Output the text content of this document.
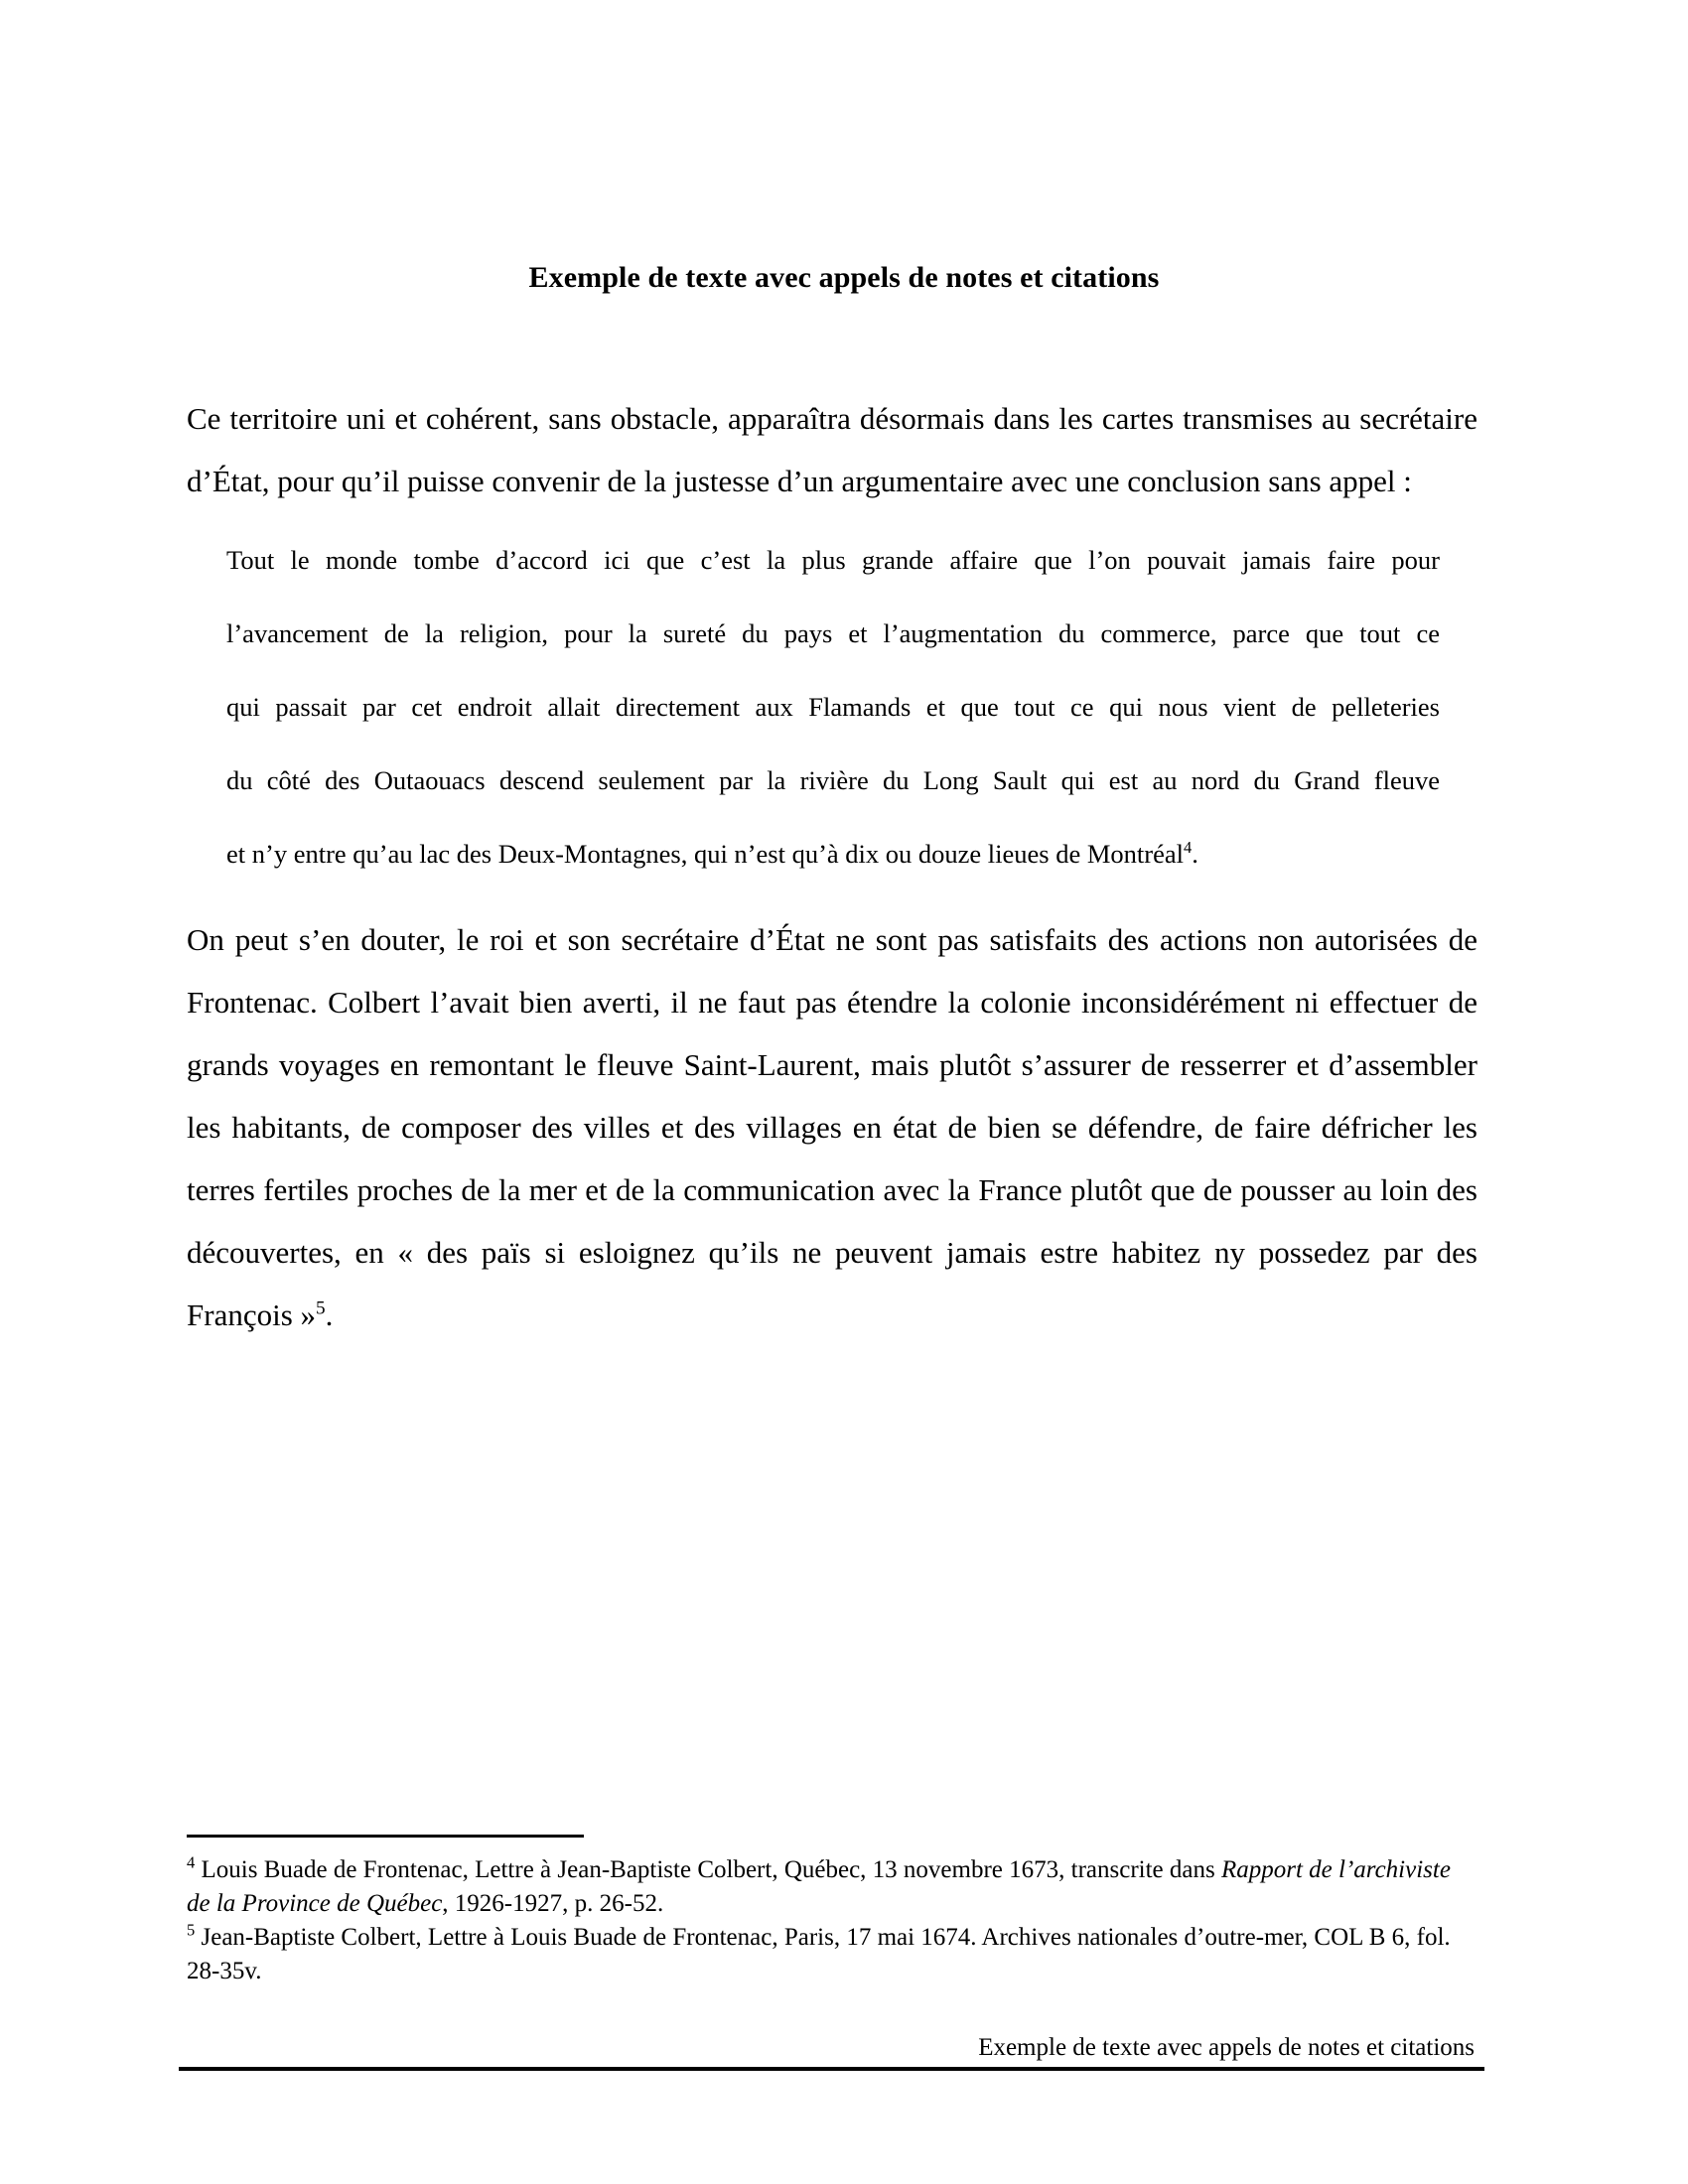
Exemple de texte avec appels de notes et citations

Ce territoire uni et cohérent, sans obstacle, apparaîtra désormais dans les cartes transmises au secrétaire d’État, pour qu’il puisse convenir de la justesse d’un argumentaire avec une conclusion sans appel :

Tout le monde tombe d’accord ici que c’est la plus grande affaire que l’on pouvait jamais faire pour
l’avancement de la religion, pour la sureté du pays et l’augmentation du commerce, parce que tout ce
qui passait par cet endroit allait directement aux Flamands et que tout ce qui nous vient de pelleteries
du côté des Outaouacs descend seulement par la rivière du Long Sault qui est au nord du Grand fleuve
et n’y entre qu’au lac des Deux-Montagnes, qui n’est qu’à dix ou douze lieues de Montréal$^4$.

On peut s’en douter, le roi et son secrétaire d’État ne sont pas satisfaits des actions non autorisées de Frontenac. Colbert l’avait bien averti, il ne faut pas étendre la colonie inconsidérément ni effectuer de grands voyages en remontant le fleuve Saint-Laurent, mais plutôt s’assurer de resserrer et d’assembler les habitants, de composer des villes et des villages en état de bien se défendre, de faire défricher les terres fertiles proches de la mer et de la communication avec la France plutôt que de pousser au loin des découvertes, en « des païs si esloignez qu’ils ne peuvent jamais estre habitez ny possedez par des François »$^5$.

$^4$ Louis Buade de Frontenac, Lettre à Jean-Baptiste Colbert, Québec, 13 novembre 1673, transcrite dans Rapport de l’archiviste de la Province de Québec, 1926-1927, p. 26-52.

$^5$ Jean-Baptiste Colbert, Lettre à Louis Buade de Frontenac, Paris, 17 mai 1674. Archives nationales d’outre-mer, COL B 6, fol. 28-35v.

Exemple de texte avec appels de notes et citations
